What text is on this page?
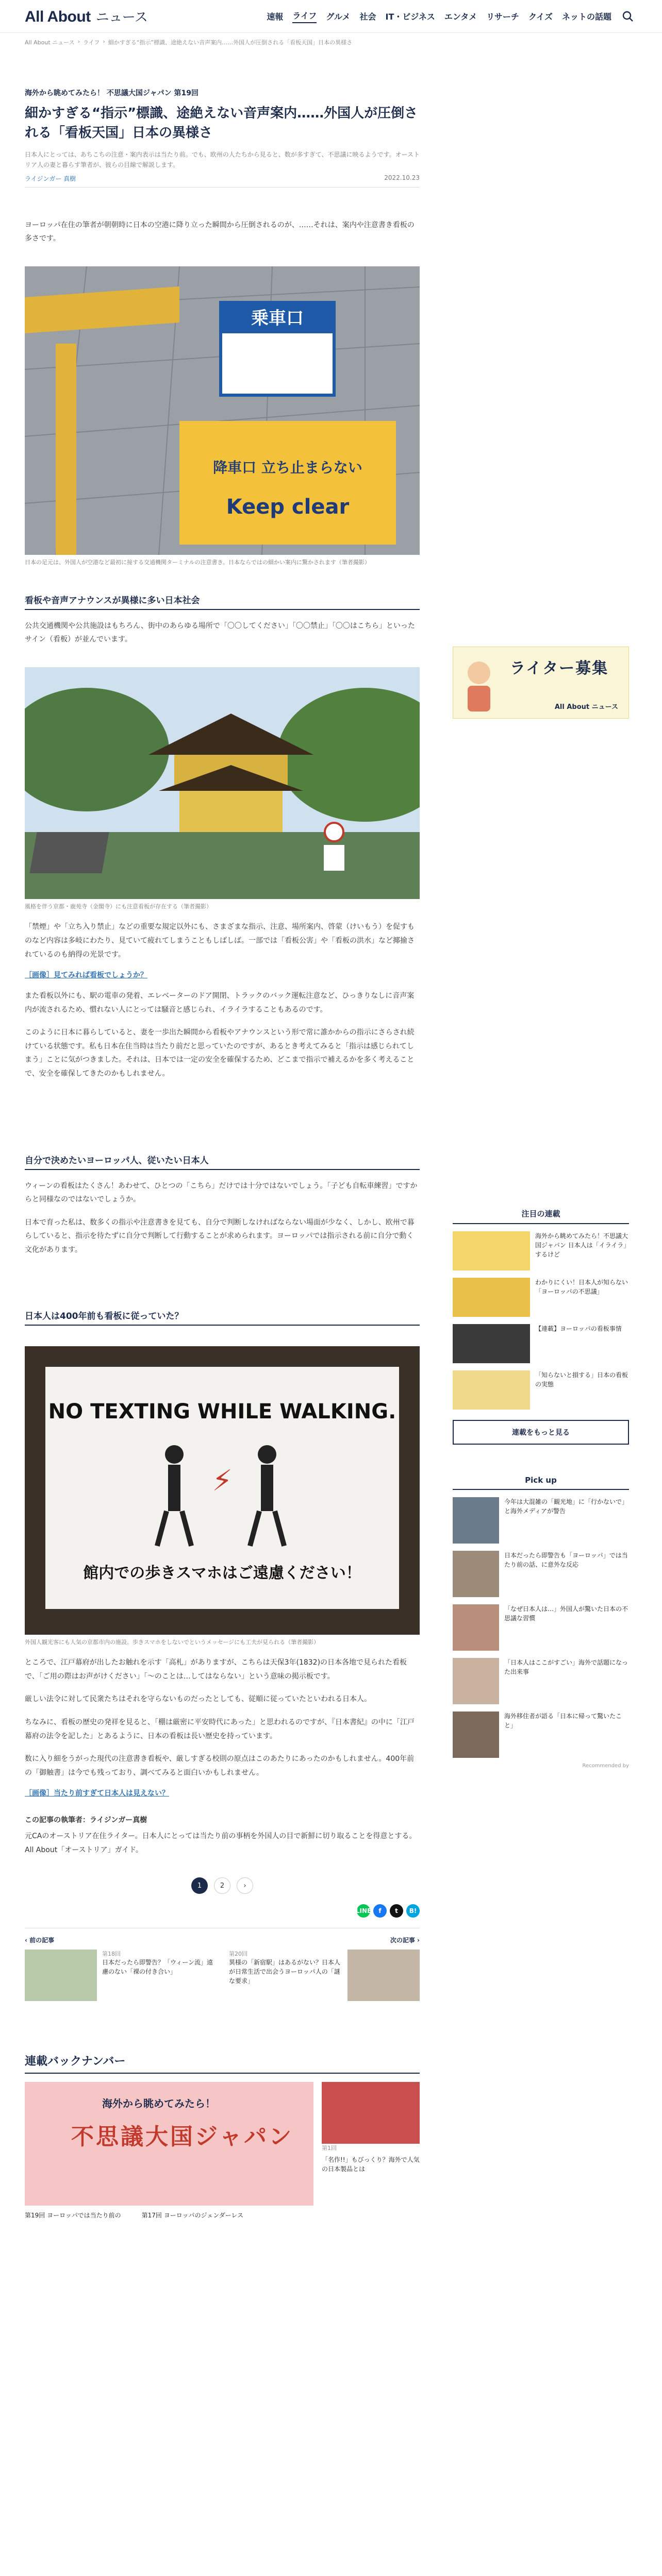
All About ニュース	速報 ライフ グルメ 社会 IT・ビジネス エンタメ リサーチ クイズ ネットの話題
All About ニュース › ライフ › 細かすぎる“指示”標識、途絶えない音声案内……外国人が圧倒される「看板天国」日本の異様さ
海外から眺めてみたら！ 不思議大国ジャパン 第19回
細かすぎる“指示”標識、途絶えない音声案内……外国人が圧倒される「看板天国」日本の異様さ

日本人にとっては、あちこちの注意・案内表示は当たり前。でも、欧州の人たちから見ると、数が多すぎて、不思議に映るようです。オーストリア人の妻と暮らす筆者が、彼らの目線で解説します。

ライジンガー 真樹	2022.10.23

ヨーロッパ在住の筆者が朝朝時に日本の空港に降り立った瞬間から圧倒されるのが、……それは、案内や注意書き看板の多さです。

乗車口
降車口 立ち止まらない
Keep clear

日本の足元は、外国人が空港など最初に接する交通機関ターミナルの注意書き。日本ならではの細かい案内に驚かされます（筆者撮影）

看板や音声アナウンスが異様に多い日本社会

公共交通機関や公共施設はもちろん、街中のあらゆる場所で「〇〇してください」「〇〇禁止」「〇〇はこちら」といったサイン（看板）が並んでいます。

風格を伴う京都・鹿苑寺（金閣寺）にも注意看板が存在する（筆者撮影）

「禁煙」や「立ち入り禁止」などの重要な規定以外にも、さまざまな指示、注意、場所案内、啓蒙（けいもう）を促すものなど内容は多岐にわたり、見ていて疲れてしまうこともしばしば。一部では「看板公害」や「看板の洪水」など揶揄されているのも納得の光景です。

［画像］見てみれば看板でしょうか？

また看板以外にも、駅の電車の発着、エレベーターのドア開閉、トラックのバック運転注意など、ひっきりなしに音声案内が流されるため、慣れない人にとっては騒音と感じられ、イライラすることもあるのです。

このように日本に暮らしていると、妻を一歩出た瞬間から看板やアナウンスという形で常に誰かからの指示にさらされ続けている状態です。私も日本在住当時は当たり前だと思っていたのですが、あるとき考えてみると「指示は感じられてしまう」ことに気がつきました。それは、日本では一定の安全を確保するため、どこまで指示で補えるかを多く考えることで、安全を確保してきたのかもしれません。

自分で決めたいヨーロッパ人、従いたい日本人

ウィーンの看板はたくさん！あわせて、ひとつの「こちら」だけでは十分ではないでしょう。「子ども自転車練習」ですからと同様なのではないでしょうか。

日本で育った私は、数多くの指示や注意書きを見ても、自分で判断しなければならない場面が少なく、しかし、欧州で暮らしていると、指示を待たずに自分で判断して行動することが求められます。ヨーロッパでは指示される前に自分で動く文化があります。

日本人は400年前も看板に従っていた？
NO TEXTING WHILE WALKING.
⚡
館内での歩きスマホはご遠慮ください！

外国人観光客にも人気の京都市内の施設。歩きスマホをしないでというメッセージにも工夫が見られる（筆者撮影）

ところで、江戸幕府が出したお触れを示す「高札」がありますが、こちらは天保3年(1832)の日本各地で見られた看板で、「ご用の際はお声がけください」「～のことは…してはならない」という意味の掲示板です。

厳しい法令に対して民衆たちはそれを守らないものだったとしても、従順に従っていたといわれる日本人。

ちなみに、看板の歴史の発祥を見ると、「棚は厳密に平安時代にあった」と思われるのですが、『日本書紀』の中に「江戸幕府の法令を記した」とあるように、日本の看板は長い歴史を持っています。

数に入り細をうがった現代の注意書き看板や、厳しすぎる校則の原点はこのあたりにあったのかもしれません。400年前の「御触書」は今でも残っており、調べてみると面白いかもしれません。

［画像］当たり前すぎて日本人は見えない？

この記事の執筆者：ライジンガー真樹

元CAのオーストリア在住ライター。日本人にとっては当たり前の事柄を外国人の目で新鮮に切り取ることを得意とする。All About「オーストリア」ガイド。

1	2	›
LINE	f	t	B!
‹ 前の記事
第18回
日本だったら即警告？「ウィーン流」遠慮のない「裸の付き合い」
次の記事 ›
第20回
異様の「新宿駅」はあるがない？日本人が日常生活で出会うヨーロッパ人の「謎な要求」
ライター募集
All About ニュース
注目の連載
海外から眺めてみたら！不思議大国ジャパン 日本人は「イライラ」するけど
わかりにくい！日本人が知らない「ヨーロッパの不思議」
【連載】ヨーロッパの看板事情
「知らないと損する」日本の看板の実態
連載をもっと見る
Pick up
今年は大混雑の「観光地」に「行かないで」と海外メディアが警告
日本だったら即警告も「ヨーロッパ」では当たり前の話、に意外な反応
「なぜ日本人は…」外国人が驚いた日本の不思議な習慣
「日本人はここがすごい」海外で話題になった出来事
海外移住者が語る「日本に帰って驚いたこと」
Recommended by
連載バックナンバー
海外から眺めてみたら！
不思議大国ジャパン	第1回
「名作!!」もびっくり？海外で人気の日本製品とは
第19回 ヨーロッパでは当たり前の	第17回 ヨーロッパのジェンダーレス
